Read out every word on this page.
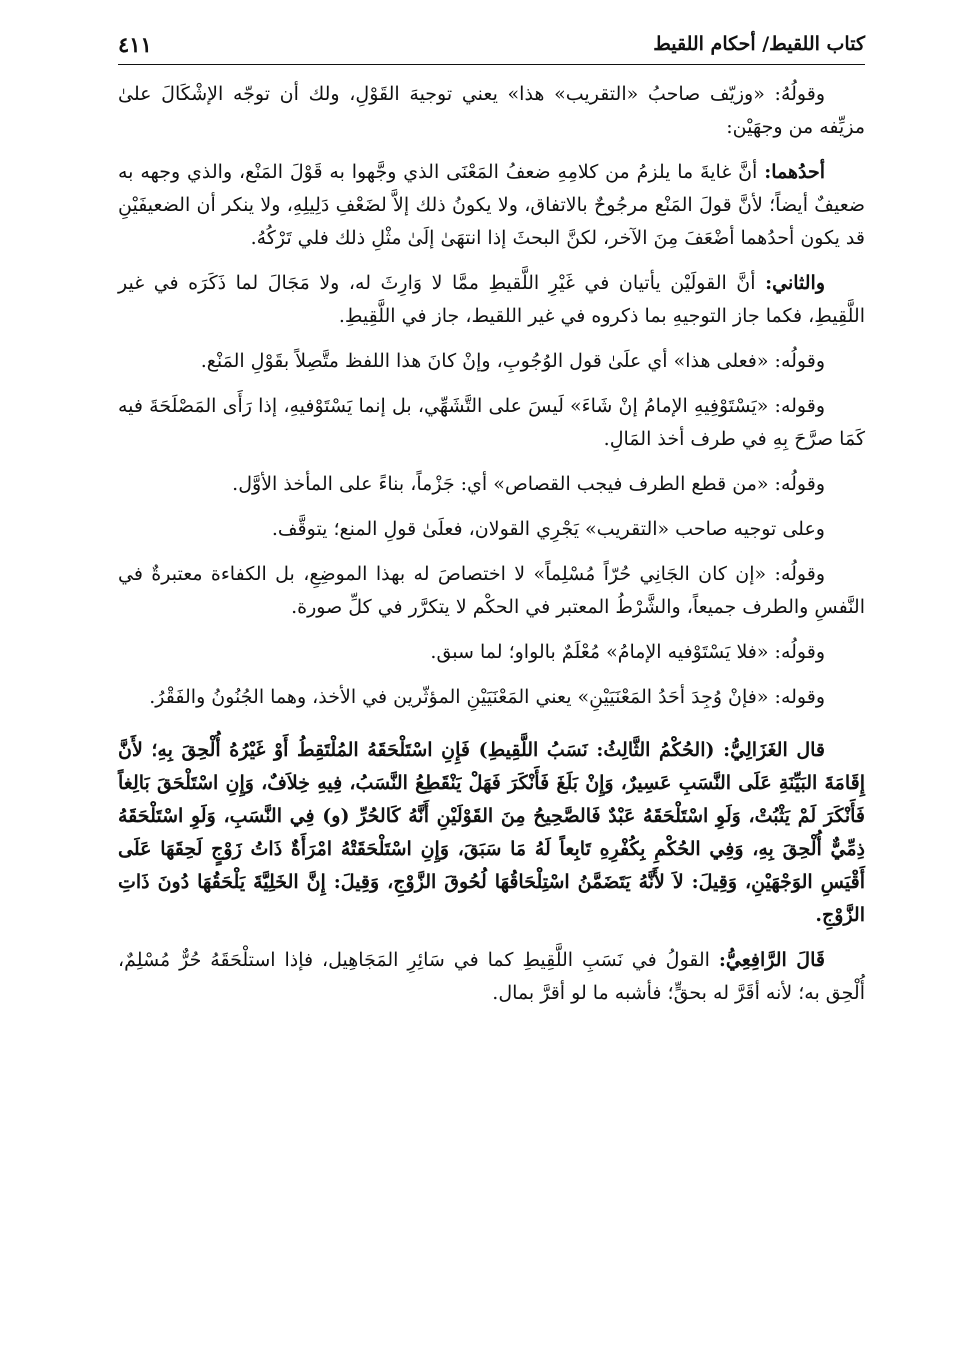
كتاب اللقيط/ أحكام اللقيط
٤١١

وقولُهُ: «وزيّف صاحبُ «التقريب» هذا» يعني توجيهَ القَوْلِ، ولك أن توجّه الإشْكَالَ علىٰ مزيِّفه من وجهَيْن:

أحدُهما: أنَّ غايةَ ما يلزمُ من كلامِهِ ضعفُ المَعْنَى الذي وجَّهوا به قَوْلَ المَنْع، والذي وجهه به ضعيفٌ أيضاً؛ لأنَّ قولَ المَنْع مرجُوحٌ بالاتفاق، ولا يكونُ ذلك إلاَّ لضَعْفِ دَلِيلِهِ، ولا ينكر أن الضعيفَيْنِ قد يكون أحدُهما أضْعَفَ مِنَ الآخر، لكنَّ البحثَ إذا انتهَىٰ إلَىٰ مثْلِ ذلك فلي تَرْكُهُ.

والثاني: أنَّ القولَيْن يأتيان في غَيْرِ اللَّقيطِ ممَّا لا وَارِثَ له، ولا مَجَالَ لما ذَكَرَه في غير اللَّقِيطِ، فكما جاز التوجيهِ بما ذكروه في غير اللقيط، جاز في اللَّقِيطِ.

وقولُه: «فعلى هذا» أي علَىٰ قول الوُجُوبِ، وإنْ كانَ هذا اللفظ متَّصِلاً بقَوْلِ المَنْع.

وقوله: «يَسْتَوْفِيهِ الإمامُ إنْ شَاءَ» لَيسَ على التَّشَهِّي، بل إنما يَسْتَوْفيهِ، إذا رَأَى المَصْلَحَةَ فيه كَمَا صرَّحَ بِهِ في طرف أخذ المَالِ.

وقولُه: «من قطع الطرف فيجب القصاص» أي: جَزْماً، بناءً على المأخذ الأوَّل.

وعلى توجيه صاحب «التقريب» يَجْرِي القولان، فعلَىٰ قولِ المنع؛ يتوقَّف.

وقولُه: «إن كان الجَانِي حُرّاً مُسْلِماً» لا اختصاصَ له بهذا الموضِعِ، بل الكفاءة معتبرةٌ في النَّفسِ والطرف جميعاً، والشَّرْطُ المعتبر في الحكْم لا يتكرَّر في كلِّ صورة.

وقولُه: «فلا يَسْتَوْفيه الإمامُ» مُعْلَمٌ بالواو؛ لما سبق.

وقوله: «فإنْ وُجِدَ أحَدُ المَعْنَيَيْنِ» يعني المَعْنَيَيْنِ المؤثّرين في الأخذ، وهما الجُنُونُ والفَقْرُ.

قال الغَزَالِيُّ: (الحُكْمُ الثَّالِثُ: نَسَبُ اللَّقِيطِ) فَإِنِ اسْتَلْحَقَهُ المُلْتَقِطُ أَوْ غَيْرُهُ أُلْحِقَ بِهِ؛ لأَنَّ إِقَامَةَ البَيِّنَةِ عَلَى النَّسَبِ عَسِيرٌ، وَإِنْ بَلَغَ فَأَنْكَرَ فَهَلْ يَنْقَطِعُ النَّسَبُ، فِيهِ خِلاَفٌ، وَإِنِ اسْتَلْحَقَ بَالِغاً فَأَنْكَرَ لَمْ يَثْبُتْ، وَلَوِ اسْتَلْحَقَهُ عَبْدٌ فَالصَّحِيحُ مِنَ القَوْلَيْنِ أَنَّهُ كَالحُرِّ (و) فِي النَّسَبِ، وَلَوِ اسْتَلْحَقَهُ ذِمِّيٌّ أُلْحِقَ بِهِ، وَفِي الحُكْمِ بِكُفْرِهِ تَابِعاً لَهُ مَا سَبَقَ، وَإِنِ اسْتَلْحَقَتْهُ امْرَأَةٌ ذَاتُ زَوْجٍ لَحِقَهَا عَلَى أَقْيَسِ الوَجْهَيْنِ، وَقِيلَ: لاَ لأَنَّهُ يَتَضَمَّنُ اسْتِلْحَاقُهَا لُحُوقَ الزَّوْجِ، وَقِيلَ: إِنَّ الخَلِيَّةَ يَلْحَقُهَا دُونَ ذَاتِ الزَّوْجِ.

قَالَ الرَّافِعِيُّ: القولُ في نَسَبِ اللَّقِيطِ كما في سَائِرِ المَجَاهِيل، فإذا استلْحَقَهُ حُرٌّ مُسْلِمٌ، أُلْحِق به؛ لأنه أقَرَّ له بحقٍّ؛ فأشبه ما لو أقرَّ بمال.
